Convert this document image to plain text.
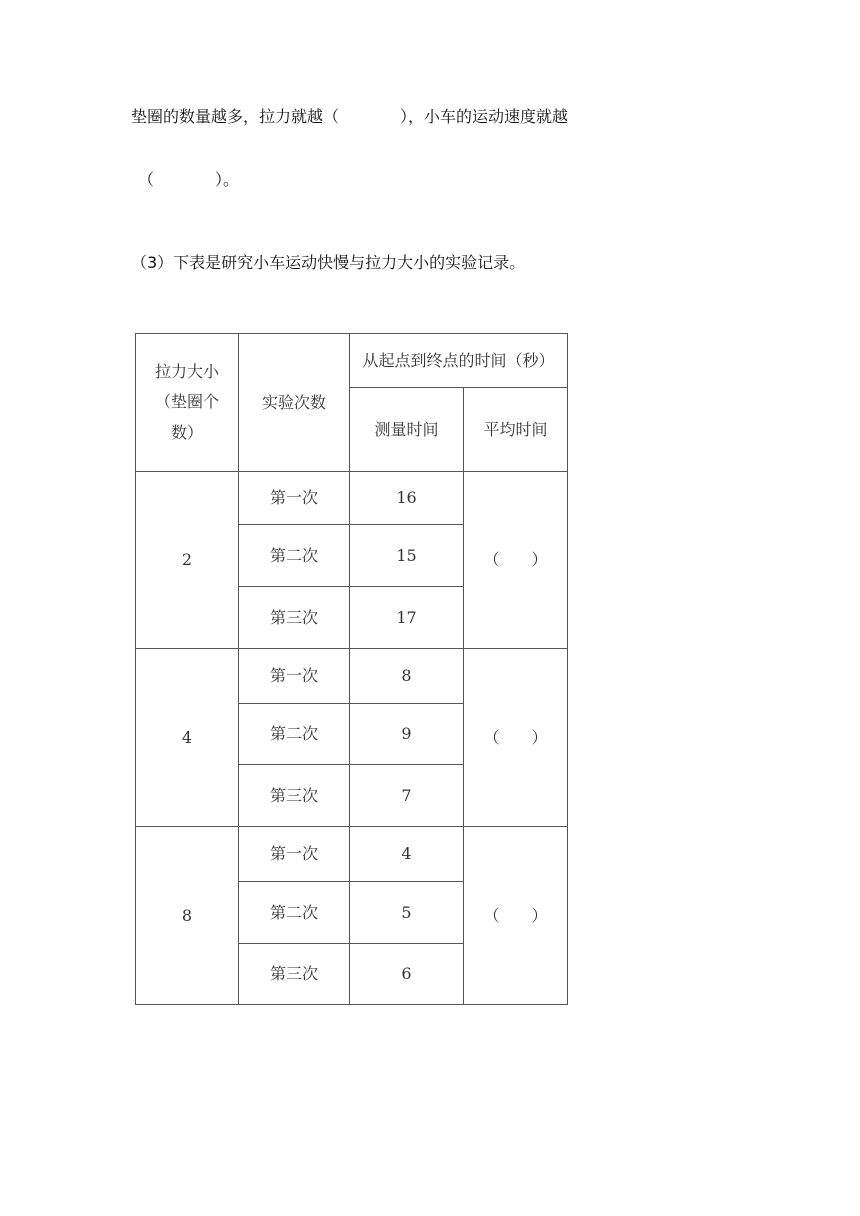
垫圈的数量越多，拉力就越（            ），小车的运动速度就越
（            ）。
（3）下表是研究小车运动快慢与拉力大小的实验记录。
拉力大小（垫圈个数）	实验次数	从起点到终点的时间（秒）	
		测量时间	平均时间
2	第一次	16	（ ）

	第二次	15	
	第三次	17	
4	第一次	8	（ ）

	第二次	9	
	第三次	7	
8	第一次	4	（ ）

	第二次	5	
	第三次	6	
